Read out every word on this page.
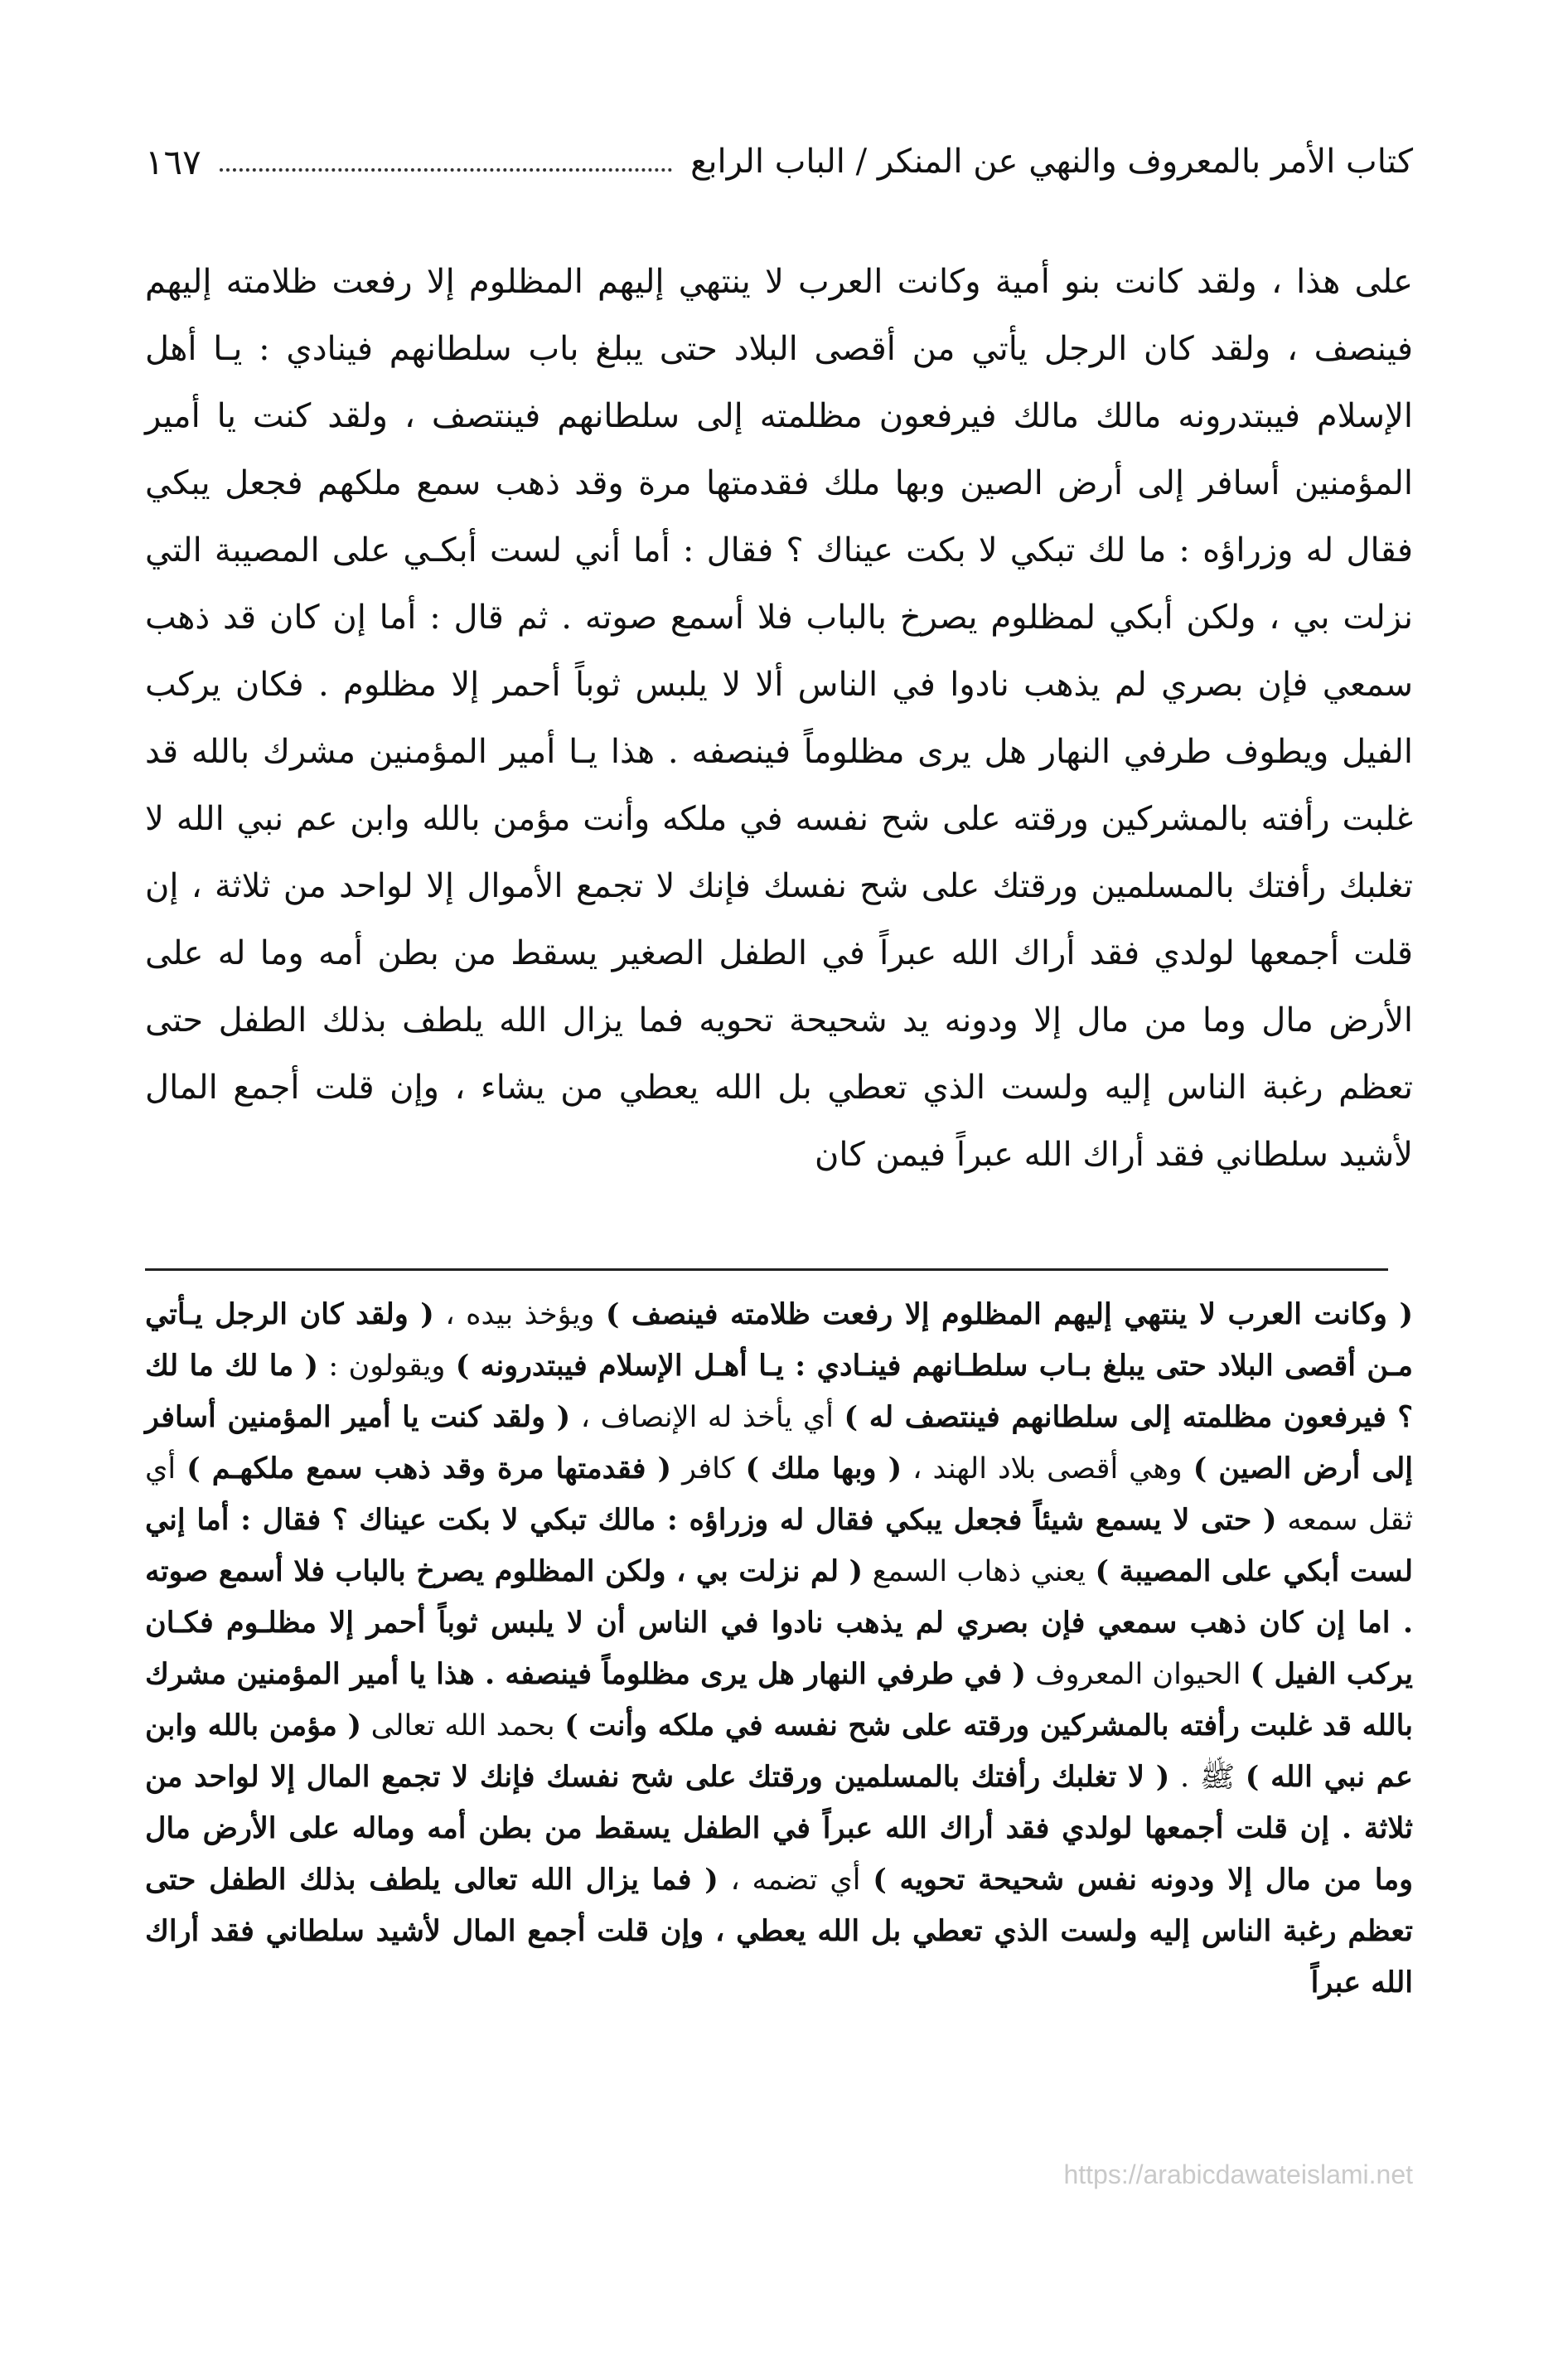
كتاب الأمر بالمعروف والنهي عن المنكر / الباب الرابع
١٦٧

على هذا ، ولقد كانت بنو أمية وكانت العرب لا ينتهي إليهم المظلوم إلا رفعت ظلامته إليهم فينصف ، ولقد كان الرجل يأتي من أقصى البلاد حتى يبلغ باب سلطانهم فينادي : يـا أهل الإسلام فيبتدرونه مالك مالك فيرفعون مظلمته إلى سلطانهم فينتصف ، ولقد كنت يا أمير المؤمنين أسافر إلى أرض الصين وبها ملك فقدمتها مرة وقد ذهب سمع ملكهم فجعل يبكي فقال له وزراؤه : ما لك تبكي لا بكت عيناك ؟ فقال : أما أني لست أبكـي على المصيبة التي نزلت بي ، ولكن أبكي لمظلوم يصرخ بالباب فلا أسمع صوته . ثم قال : أما إن كان قد ذهب سمعي فإن بصري لم يذهب نادوا في الناس ألا لا يلبس ثوباً أحمر إلا مظلوم . فكان يركب الفيل ويطوف طرفي النهار هل يرى مظلوماً فينصفه . هذا يـا أمير المؤمنين مشرك بالله قد غلبت رأفته بالمشركين ورقته على شح نفسه في ملكه وأنت مؤمن بالله وابن عم نبي الله لا تغلبك رأفتك بالمسلمين ورقتك على شح نفسك فإنك لا تجمع الأموال إلا لواحد من ثلاثة ، إن قلت أجمعها لولدي فقد أراك الله عبراً في الطفل الصغير يسقط من بطن أمه وما له على الأرض مال وما من مال إلا ودونه يد شحيحة تحويه فما يزال الله يلطف بذلك الطفل حتى تعظم رغبة الناس إليه ولست الذي تعطي بل الله يعطي من يشاء ، وإن قلت أجمع المال لأشيد سلطاني فقد أراك الله عبراً فيمن كان

( وكانت العرب لا ينتهي إليهم المظلوم إلا رفعت ظلامته فينصف ) ويؤخذ بيده ، ( ولقد كان الرجل يـأتي مـن أقصى البلاد حتى يبلغ بـاب سلطـانهم فينـادي : يـا أهـل الإسلام فيبتدرونه ) ويقولون : ( ما لك ما لك ؟ فيرفعون مظلمته إلى سلطانهم فينتصف له ) أي يأخذ له الإنصاف ، ( ولقد كنت يا أمير المؤمنين أسافر إلى أرض الصين ) وهي أقصى بلاد الهند ، ( وبها ملك ) كافر ( فقدمتها مرة وقد ذهب سمع ملكهـم ) أي ثقل سمعه ( حتى لا يسمع شيئاً فجعل يبكي فقال له وزراؤه : مالك تبكي لا بكت عيناك ؟ فقال : أما إني لست أبكي على المصيبة ) يعني ذهاب السمع ( لم نزلت بي ، ولكن المظلوم يصرخ بالباب فلا أسمع صوته . اما إن كان ذهب سمعي فإن بصري لم يذهب نادوا في الناس أن لا يلبس ثوباً أحمر إلا مظلـوم فكـان يركب الفيل ) الحيوان المعروف ( في طرفي النهار هل يرى مظلوماً فينصفه . هذا يا أمير المؤمنين مشرك بالله قد غلبت رأفته بالمشركين ورقته على شح نفسه في ملكه وأنت ) بحمد الله تعالى ( مؤمن بالله وابن عم نبي الله ) ﷺ . ( لا تغلبك رأفتك بالمسلمين ورقتك على شح نفسك فإنك لا تجمع المال إلا لواحد من ثلاثة . إن قلت أجمعها لولدي فقد أراك الله عبراً في الطفل يسقط من بطن أمه وماله على الأرض مال وما من مال إلا ودونه نفس شحيحة تحويه ) أي تضمه ، ( فما يزال الله تعالى يلطف بذلك الطفل حتى تعظم رغبة الناس إليه ولست الذي تعطي بل الله يعطي ، وإن قلت أجمع المال لأشيد سلطاني فقد أراك الله عبراً

https://arabicdawateislami.net
